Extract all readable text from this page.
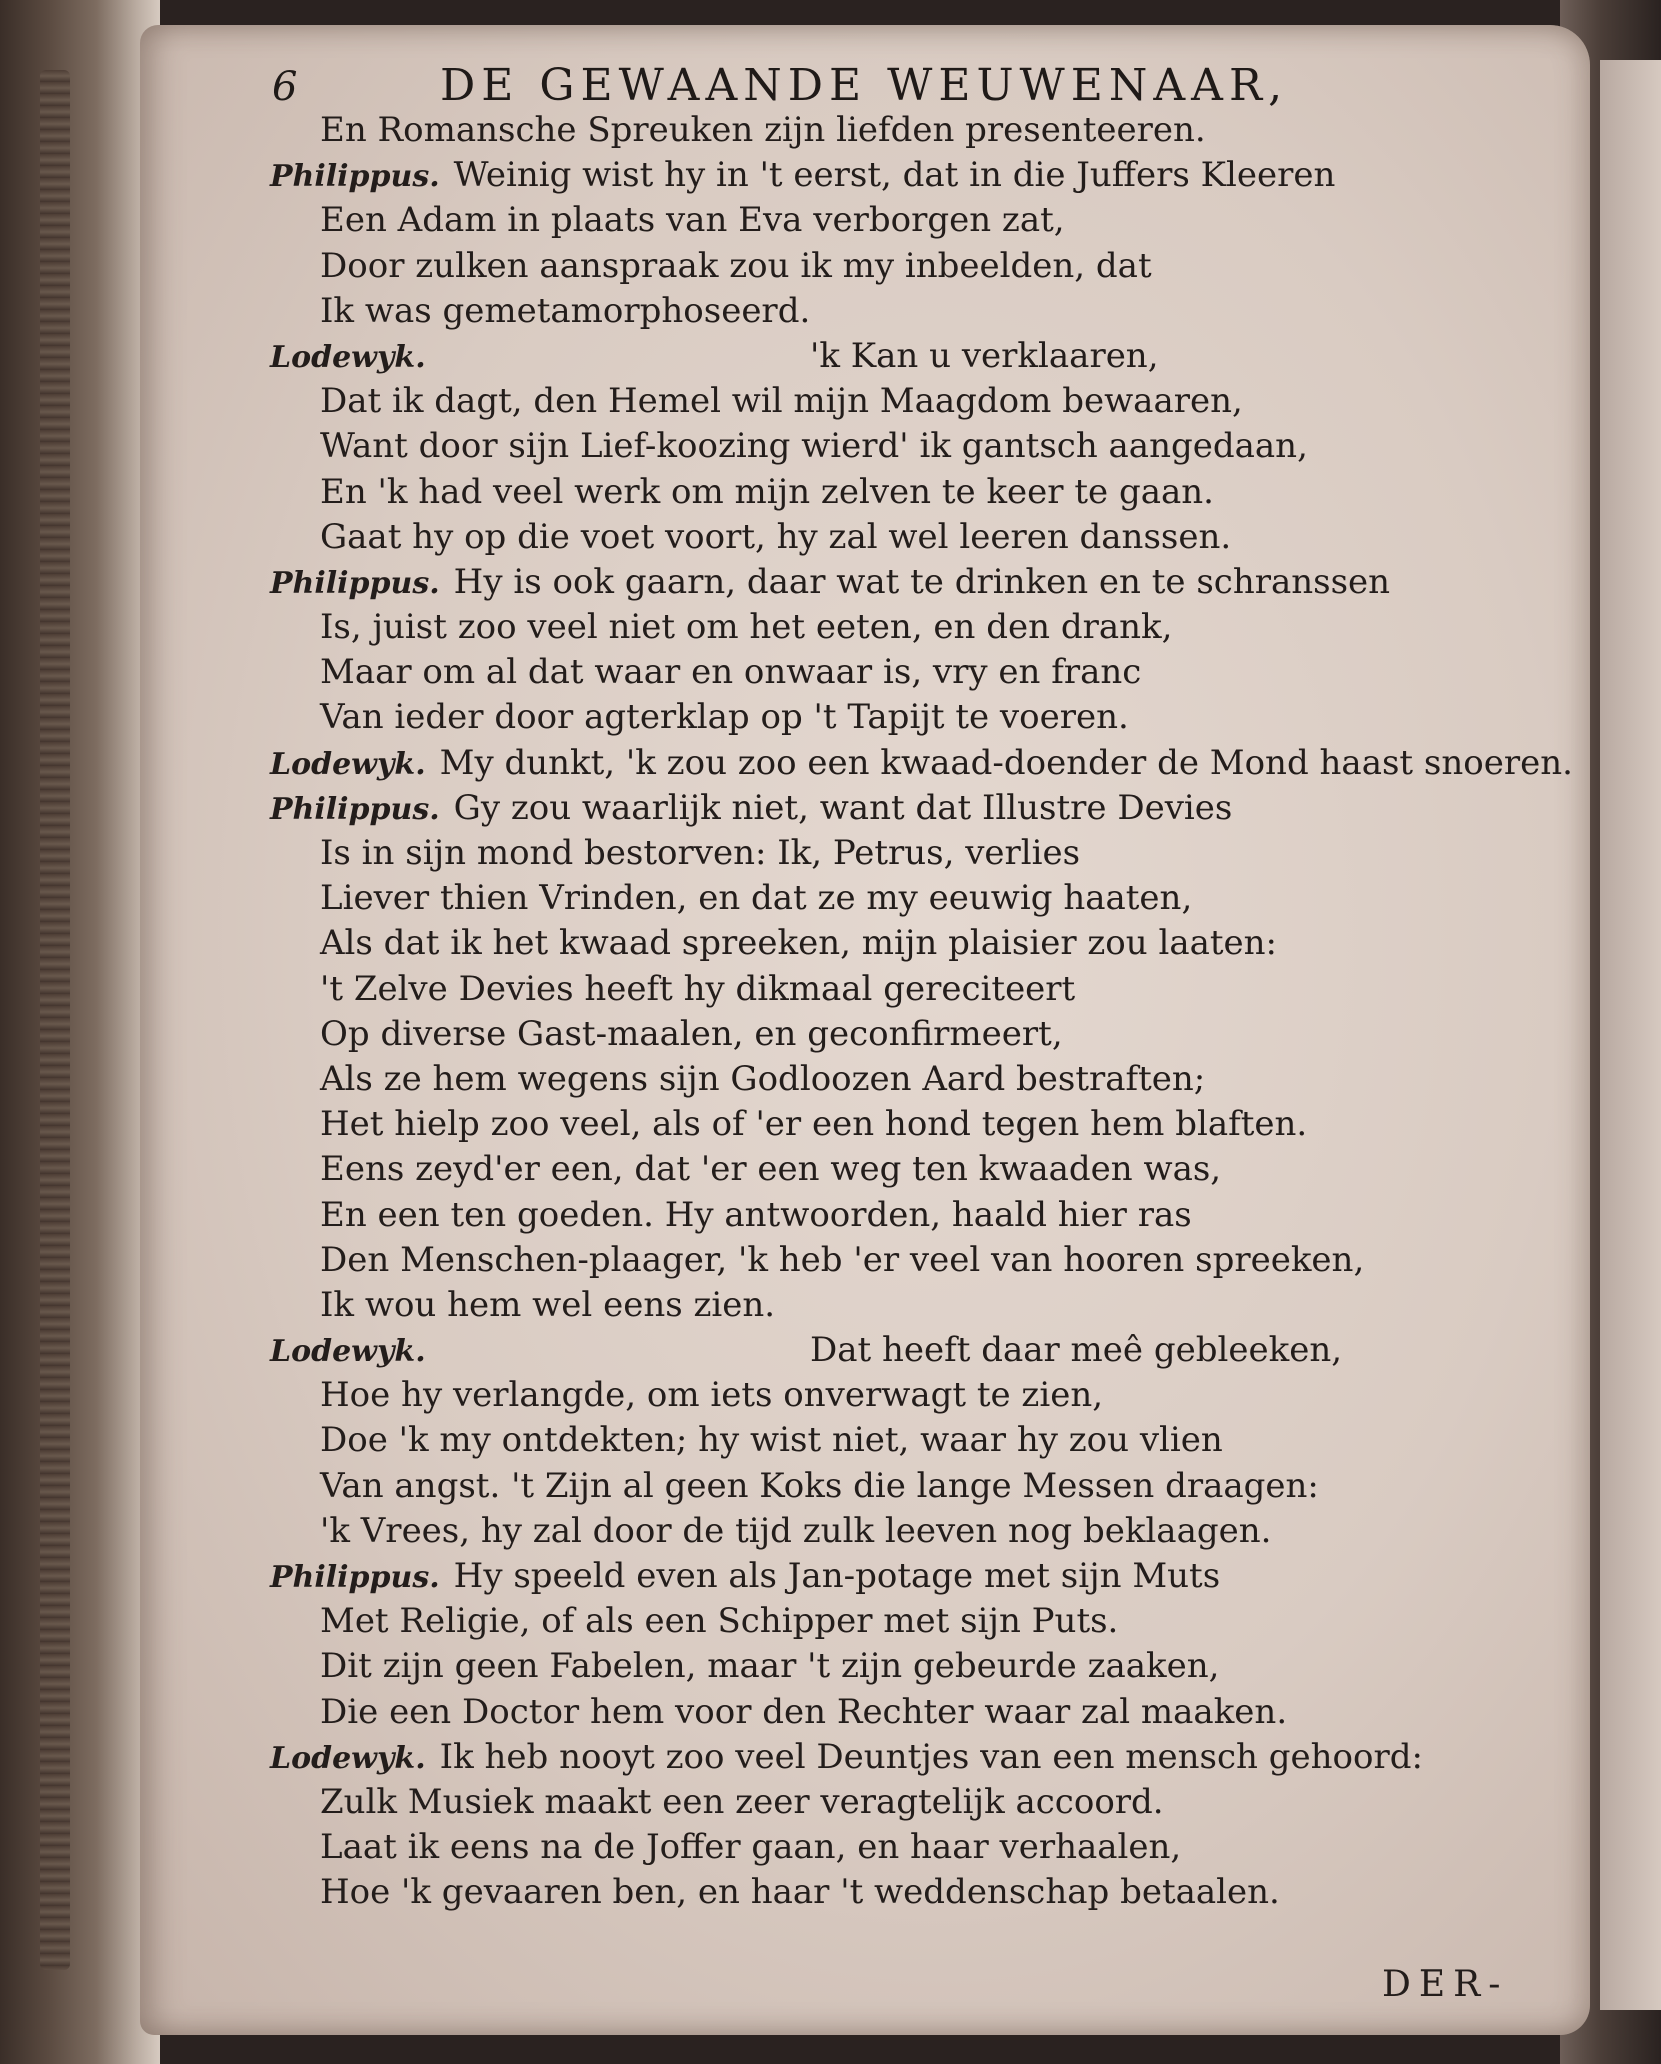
6	DE GEWAANDE WEUWENAAR,
En Romansche Spreuken zijn liefden presenteeren.
Philippus. Weinig wist hy in 't eerst, dat in die Juffers Kleeren
Een Adam in plaats van Eva verborgen zat,
Door zulken aanspraak zou ik my inbeelden, dat
Ik was gemetamorphoseerd.
Lodewyk.	'k Kan u verklaaren,
Dat ik dagt, den Hemel wil mijn Maagdom bewaaren,
Want door sijn Lief-koozing wierd' ik gantsch aangedaan,
En 'k had veel werk om mijn zelven te keer te gaan.
Gaat hy op die voet voort, hy zal wel leeren danssen.
Philippus. Hy is ook gaarn, daar wat te drinken en te schranssen
Is, juist zoo veel niet om het eeten, en den drank,
Maar om al dat waar en onwaar is, vry en franc
Van ieder door agterklap op 't Tapijt te voeren.
Lodewyk. My dunkt, 'k zou zoo een kwaad-doender de Mond haast snoeren.
Philippus. Gy zou waarlijk niet, want dat Illustre Devies
Is in sijn mond bestorven: Ik, Petrus, verlies
Liever thien Vrinden, en dat ze my eeuwig haaten,
Als dat ik het kwaad spreeken, mijn plaisier zou laaten:
't Zelve Devies heeft hy dikmaal gereciteert
Op diverse Gast-maalen, en geconfirmeert,
Als ze hem wegens sijn Godloozen Aard bestraften;
Het hielp zoo veel, als of 'er een hond tegen hem blaften.
Eens zeyd'er een, dat 'er een weg ten kwaaden was,
En een ten goeden. Hy antwoorden, haald hier ras
Den Menschen-plaager, 'k heb 'er veel van hooren spreeken,
Ik wou hem wel eens zien.
Lodewyk.	Dat heeft daar meê gebleeken,
Hoe hy verlangde, om iets onverwagt te zien,
Doe 'k my ontdekten; hy wist niet, waar hy zou vlien
Van angst. 't Zijn al geen Koks die lange Messen draagen:
'k Vrees, hy zal door de tijd zulk leeven nog beklaagen.
Philippus. Hy speeld even als Jan-potage met sijn Muts
Met Religie, of als een Schipper met sijn Puts.
Dit zijn geen Fabelen, maar 't zijn gebeurde zaaken,
Die een Doctor hem voor den Rechter waar zal maaken.
Lodewyk. Ik heb nooyt zoo veel Deuntjes van een mensch gehoord:
Zulk Musiek maakt een zeer veragtelijk accoord.
Laat ik eens na de Joffer gaan, en haar verhaalen,
Hoe 'k gevaaren ben, en haar 't weddenschap betaalen.
DER-
